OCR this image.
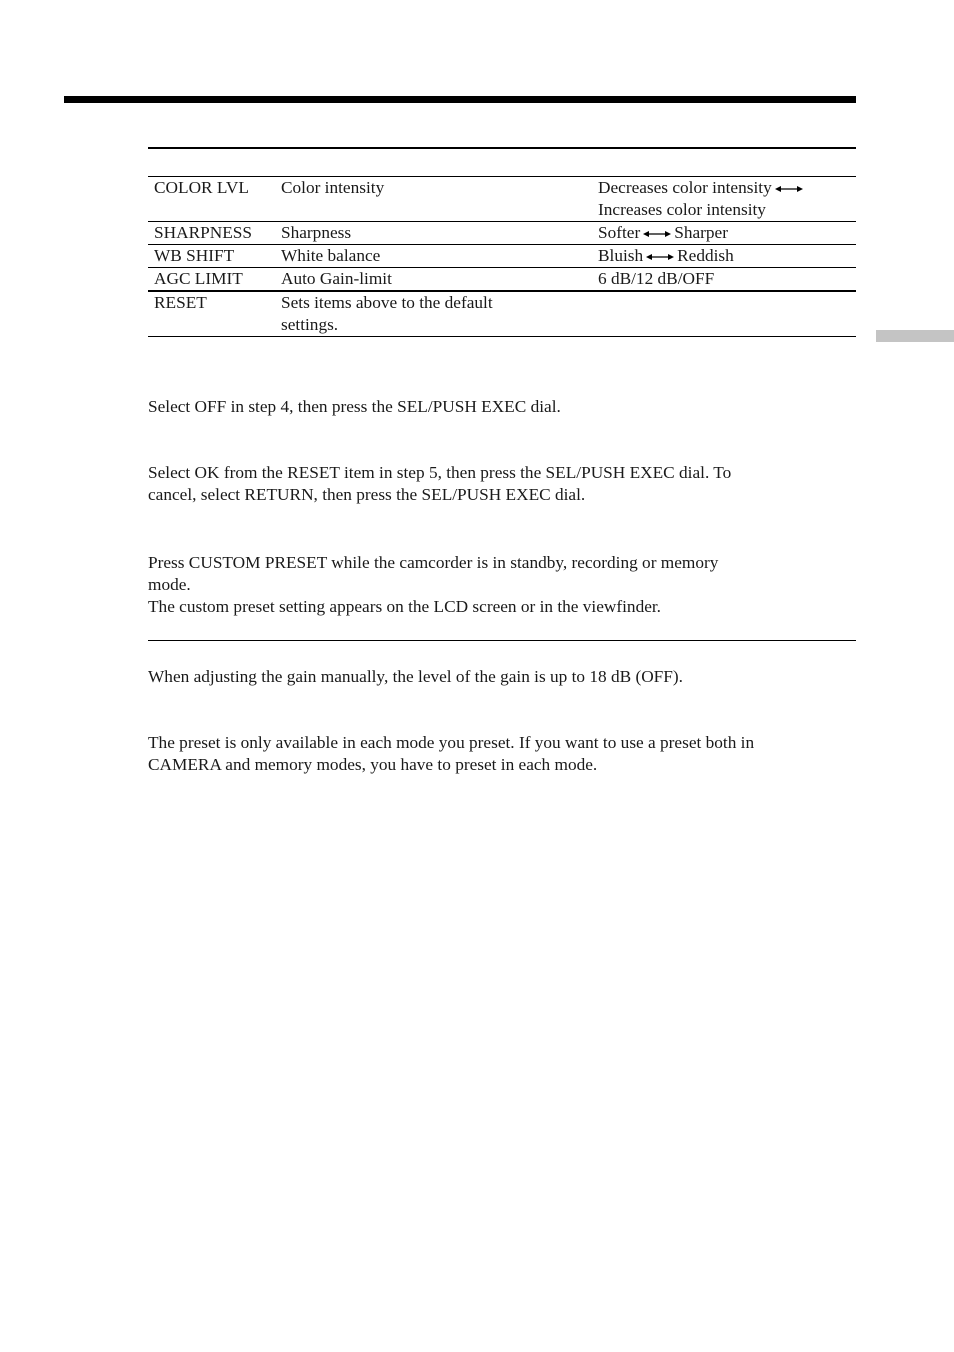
COLOR LVL	Color intensity	Decreases color intensity
Increases color intensity
SHARPNESS	Sharpness	Softer Sharper
WB SHIFT	White balance	Bluish Reddish
AGC LIMIT	Auto Gain-limit	6 dB/12 dB/OFF
RESET	Sets items above to the default
settings.	

Select OFF in step 4, then press the SEL/PUSH EXEC dial.

Select OK from the RESET item in step 5, then press the SEL/PUSH EXEC dial. To
cancel, select RETURN, then press the SEL/PUSH EXEC dial.

Press CUSTOM PRESET while the camcorder is in standby, recording or memory
mode.
The custom preset setting appears on the LCD screen or in the viewfinder.

When adjusting the gain manually, the level of the gain is up to 18 dB (OFF).

The preset is only available in each mode you preset. If you want to use a preset both in
CAMERA and memory modes, you have to preset in each mode.
